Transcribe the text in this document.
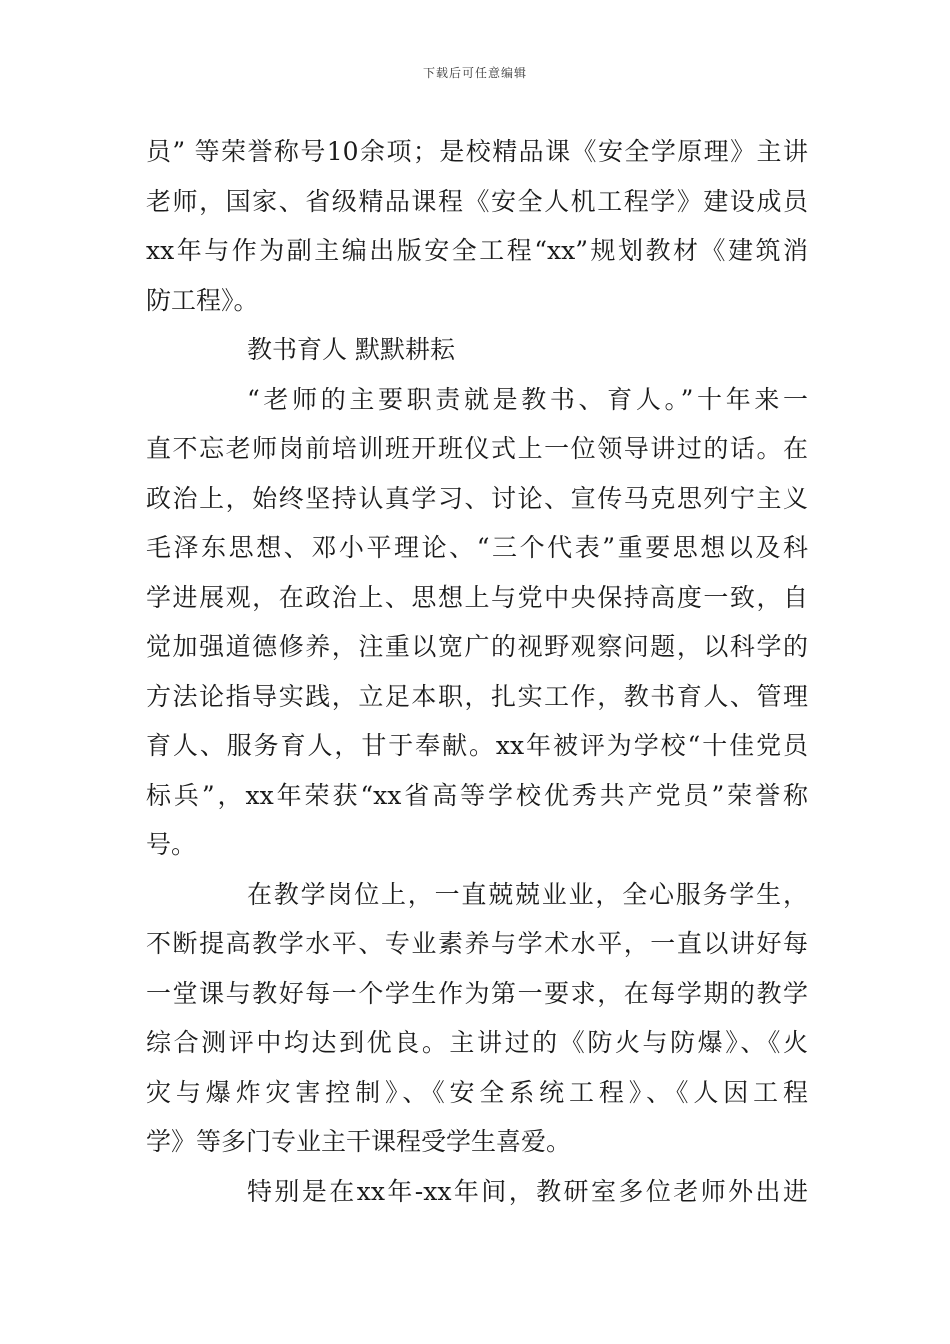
下载后可任意编辑
员” 等荣誉称号10余项；是校精品课《安全学原理》主讲
老师，国家、省级精品课程《安全人机工程学》建设成员
xx年与作为副主编出版安全工程“xx”规划教材《建筑消
防工程》。
教书育人 默默耕耘
“老师的主要职责就是教书、育人。”十年来一
直不忘老师岗前培训班开班仪式上一位领导讲过的话。在
政治上，始终坚持认真学习、讨论、宣传马克思列宁主义
毛泽东思想、邓小平理论、“三个代表”重要思想以及科
学进展观，在政治上、思想上与党中央保持高度一致，自
觉加强道德修养，注重以宽广的视野观察问题，以科学的
方法论指导实践，立足本职，扎实工作，教书育人、管理
育人、服务育人，甘于奉献。xx年被评为学校“十佳党员
标兵”，xx年荣获“xx省高等学校优秀共产党员”荣誉称
号。
在教学岗位上，一直兢兢业业，全心服务学生，
不断提高教学水平、专业素养与学术水平，一直以讲好每
一堂课与教好每一个学生作为第一要求，在每学期的教学
综合测评中均达到优良。主讲过的《防火与防爆》、《火
灾与爆炸灾害控制》、《安全系统工程》、《人因工程
学》等多门专业主干课程受学生喜爱。
特别是在xx年-xx年间，教研室多位老师外出进
